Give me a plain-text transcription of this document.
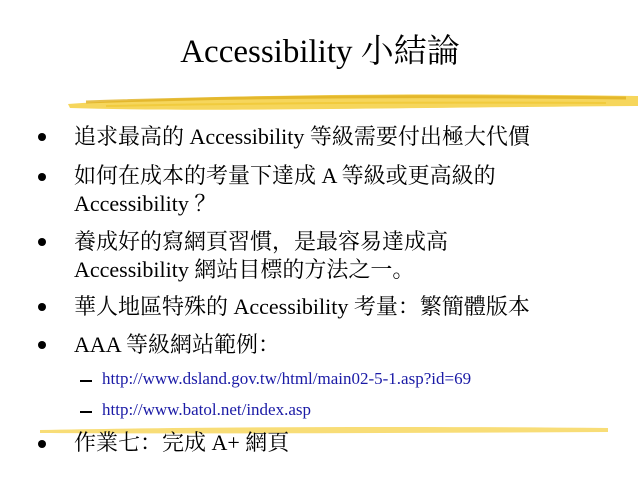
Accessibility 小結論
追求最高的 Accessibility 等級需要付出極大代價
如何在成本的考量下達成 A 等級或更高級的
Accessibility ？
養成好的寫網頁習慣，是最容易達成高
Accessibility 網站目標的方法之一。
華人地區特殊的 Accessibility 考量：繁簡體版本
AAA 等級網站範例：
http://www.dsland.gov.tw/html/main02-5-1.asp?id=69
http://www.batol.net/index.asp
作業七：完成 A+ 網頁
